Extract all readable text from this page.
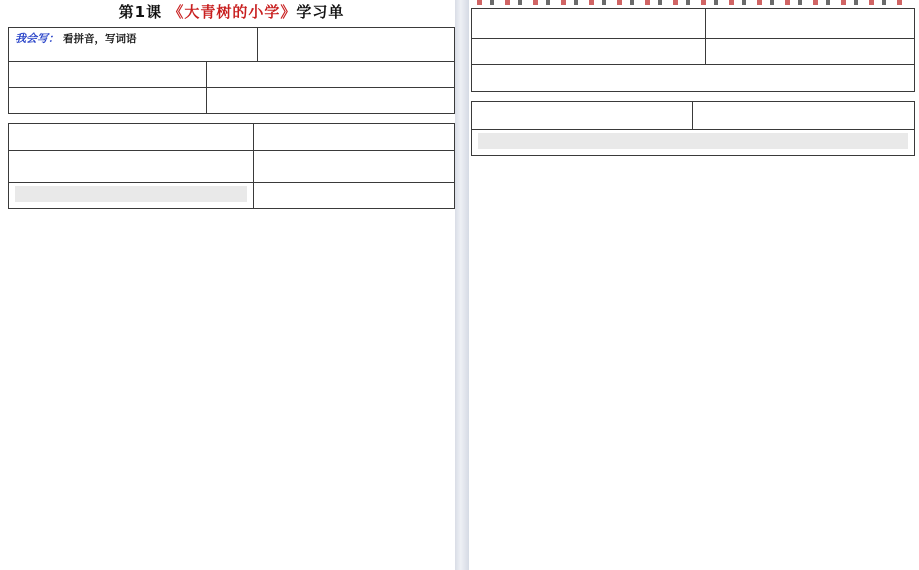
第1课 《大青树的小学》学习单
我会写： 看拼音，写词语
